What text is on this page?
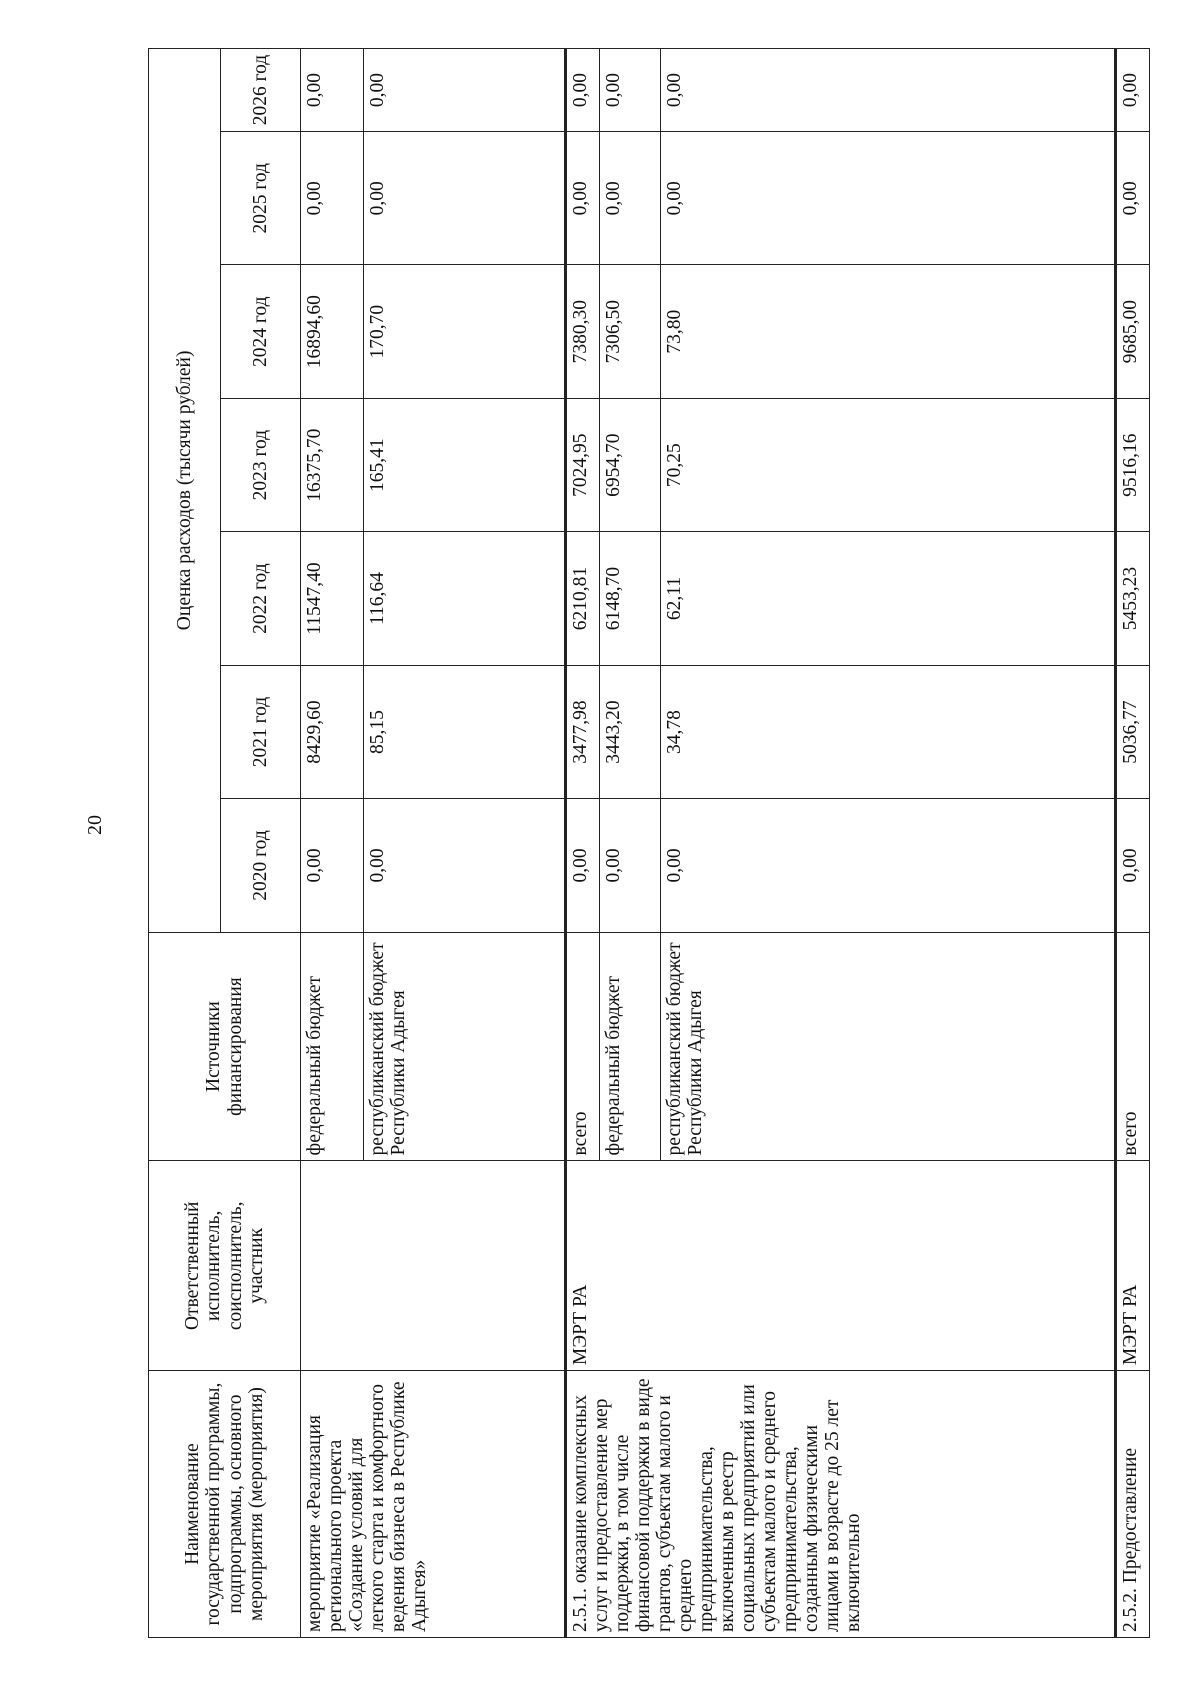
20
Наименование государственной программы, подпрограммы, основного мероприятия (мероприятия)	Ответственный исполнитель, соисполнитель, участник	Источники финансирования	Оценка расходов (тысячи рублей)						
			2020 год	2021 год	2022 год	2023 год	2024 год	2025 год	2026 год
мероприятие «Реализация регионального проекта «Создание условий для легкого старта и комфортного ведения бизнеса в Республике Адыгея»		федеральный бюджет	0,00	8429,60	11547,40	16375,70	16894,60	0,00	0,00
		республиканский бюджет Республики Адыгея	0,00	85,15	116,64	165,41	170,70	0,00	0,00
2.5.1. оказание комплексных услуг и предоставление мер поддержки, в том числе финансовой поддержки в виде грантов, субъектам малого и среднего предпринимательства, включенным в реестр социальных предприятий или субъектам малого и среднего предпринимательства, созданным физическими лицами в возрасте до 25 лет включительно	МЭРТ РА	всего	0,00	3477,98	6210,81	7024,95	7380,30	0,00	0,00
		федеральный бюджет	0,00	3443,20	6148,70	6954,70	7306,50	0,00	0,00
		республиканский бюджет Республики Адыгея	0,00	34,78	62,11	70,25	73,80	0,00	0,00
2.5.2. Предоставление	МЭРТ РА	всего	0,00	5036,77	5453,23	9516,16	9685,00	0,00	0,00
